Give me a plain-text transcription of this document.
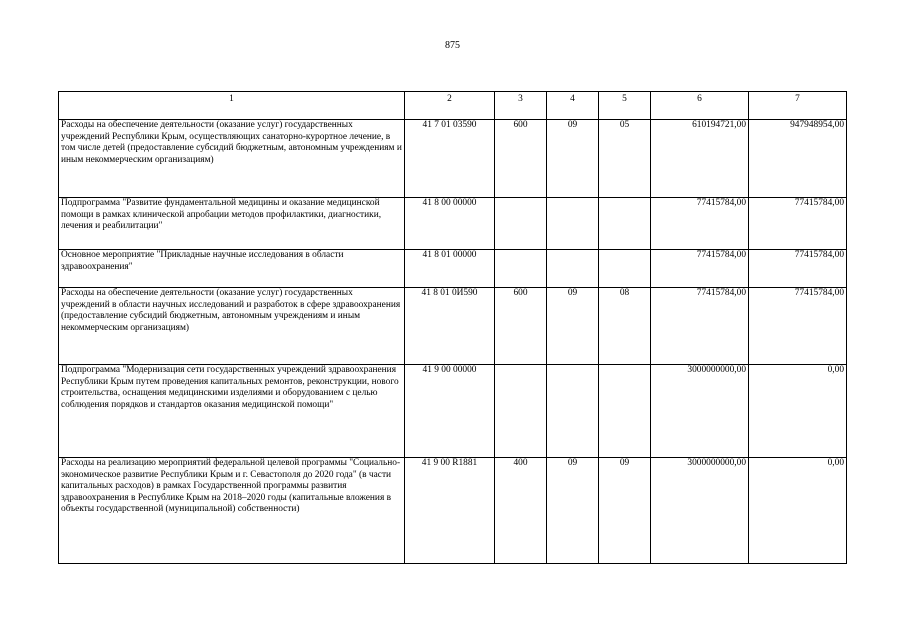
875
1	2	3	4	5	6	7
Расходы на обеспечение деятельности (оказание услуг) государственных учреждений Республики Крым, осуществляющих санаторно-курортное лечение, в том числе детей (предоставление субсидий бюджетным, автономным учреждениям и иным некоммерческим организациям)	41 7 01 03590	600	09	05	610194721,00	947948954,00
Подпрограмма "Развитие фундаментальной медицины и оказание медицинской помощи в рамках клинической апробации методов профилактики, диагностики, лечения и реабилитации"	41 8 00 00000				77415784,00	77415784,00
Основное мероприятие "Прикладные научные исследования в области здравоохранения"	41 8 01 00000				77415784,00	77415784,00
Расходы на обеспечение деятельности (оказание услуг) государственных учреждений в области научных исследований и разработок в сфере здравоохранения (предоставление субсидий бюджетным, автономным учреждениям и иным некоммерческим организациям)	41 8 01 0И590	600	09	08	77415784,00	77415784,00
Подпрограмма "Модернизация сети государственных учреждений здравоохранения Республики Крым путем проведения капитальных ремонтов, реконструкции, нового строительства, оснащения медицинскими изделиями и оборудованием с целью соблюдения порядков и стандартов оказания медицинской помощи"	41 9 00 00000				3000000000,00	0,00
Расходы на реализацию мероприятий федеральной целевой программы "Социально-экономическое развитие Республики Крым и г. Севастополя до 2020 года" (в части капитальных расходов) в рамках Государственной программы развития здравоохранения в Республике Крым на 2018–2020 годы (капитальные вложения в объекты государственной (муниципальной) собственности)	41 9 00 R1881	400	09	09	3000000000,00	0,00
